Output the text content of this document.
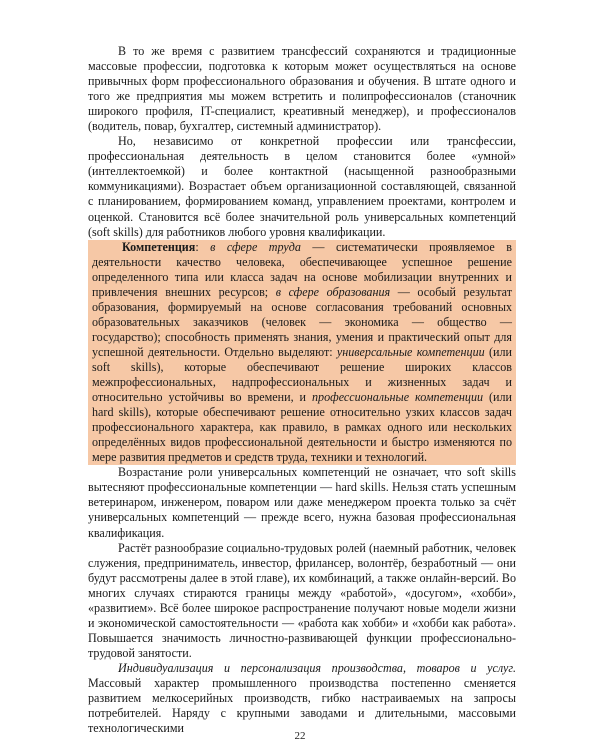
В то же время с развитием трансфессий сохраняются и традиционные массовые профессии, подготовка к которым может осуществляться на основе привычных форм профессионального образования и обучения. В штате одного и того же предприятия мы можем встретить и полипрофессионалов (станочник широкого профиля, IT-специалист, креативный менеджер), и профессионалов (водитель, повар, бухгалтер, системный администратор).

Но, независимо от конкретной профессии или трансфессии, профессиональная деятельность в целом становится более «умной» (интеллектоемкой) и более контактной (насыщенной разнообразными коммуникациями). Возрастает объем организационной составляющей, связанной с планированием, формированием команд, управлением проектами, контролем и оценкой. Становится всё более значительной роль универсальных компетенций (soft skills) для работников любого уровня квалификации.

Компетенция: в сфере труда — систематически проявляемое в деятельности качество человека, обеспечивающее успешное решение определенного типа или класса задач на основе мобилизации внутренних и привлечения внешних ресурсов; в сфере образования — особый результат образования, формируемый на основе согласования требований основных образовательных заказчиков (человек — экономика — общество — государство); способность применять знания, умения и практический опыт для успешной деятельности. Отдельно выделяют: универсальные компетенции (или soft skills), которые обеспечивают решение широких классов межпрофессиональных, надпрофессиональных и жизненных задач и относительно устойчивы во времени, и профессиональные компетенции (или hard skills), которые обеспечивают решение относительно узких классов задач профессионального характера, как правило, в рамках одного или нескольких определённых видов профессиональной деятельности и быстро изменяются по мере развития предметов и средств труда, техники и технологий.

Возрастание роли универсальных компетенций не означает, что soft skills вытесняют профессиональные компетенции — hard skills. Нельзя стать успешным ветеринаром, инженером, поваром или даже менеджером проекта только за счёт универсальных компетенций — прежде всего, нужна базовая профессиональная квалификация.

Растёт разнообразие социально-трудовых ролей (наемный работник, человек служения, предприниматель, инвестор, фрилансер, волонтёр, безработный — они будут рассмотрены далее в этой главе), их комбинаций, а также онлайн-версий. Во многих случаях стираются границы между «работой», «досугом», «хобби», «развитием». Всё более широкое распространение получают новые модели жизни и экономической самостоятельности — «работа как хобби» и «хобби как работа». Повышается значимость личностно-развивающей функции профессионально-трудовой занятости.

Индивидуализация и персонализация производства, товаров и услуг. Массовый характер промышленного производства постепенно сменяется развитием мелкосерийных производств, гибко настраиваемых на запросы потребителей. Наряду с крупными заводами и длительными, массовыми технологическими

22
